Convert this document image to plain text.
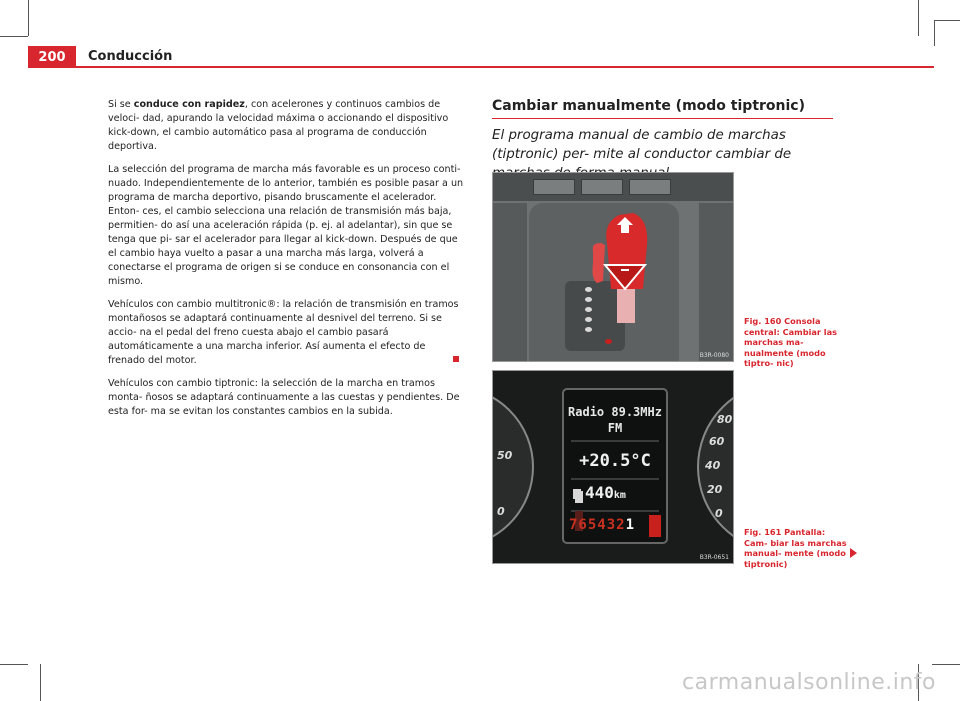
200	Conducción

Si se conduce con rapidez, con acelerones y continuos cambios de veloci- dad, apurando la velocidad máxima o accionando el dispositivo kick-down, el cambio automático pasa al programa de conducción deportiva.

La selección del programa de marcha más favorable es un proceso conti- nuado. Independientemente de lo anterior, también es posible pasar a un programa de marcha deportivo, pisando bruscamente el acelerador. Enton- ces, el cambio selecciona una relación de transmisión más baja, permitien- do así una aceleración rápida (p. ej. al adelantar), sin que se tenga que pi- sar el acelerador para llegar al kick-down. Después de que el cambio haya vuelto a pasar a una marcha más larga, volverá a conectarse el programa de origen si se conduce en consonancia con el mismo.

Vehículos con cambio multitronic®: la relación de transmisión en tramos montañosos se adaptará continuamente al desnivel del terreno. Si se accio- na el pedal del freno cuesta abajo el cambio pasará automáticamente a una marcha inferior. Así aumenta el efecto de frenado del motor.

Vehículos con cambio tiptronic: la selección de la marcha en tramos monta- ñosos se adaptará continuamente a las cuestas y pendientes. De esta for- ma se evitan los constantes cambios en la subida.

Cambiar manualmente (modo tiptronic)
El programa manual de cambio de marchas (tiptronic) per- mite al conductor cambiar de
B3R-0080
Fig. 160 Consola central: Cambiar las marchas ma- nualmente (modo tiptro- nic)
Radio 89.3MHz
FM
+20.5°C
440km
7654321
50
0
80
60
40
20
0
B3R-0651
Fig. 161 Pantalla: Cam- biar las marchas manual- mente (modo tiptronic)
carmanualsonline.info
